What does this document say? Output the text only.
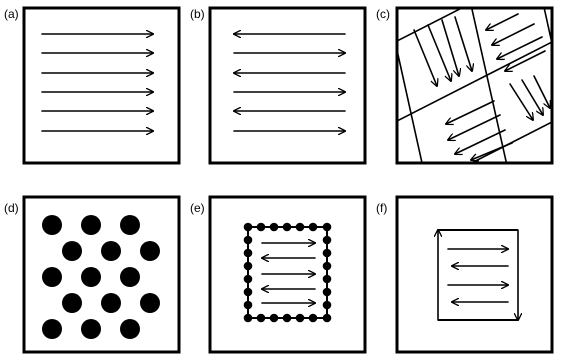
(a)	(b)	(c)
(d)	(e)	(f)
